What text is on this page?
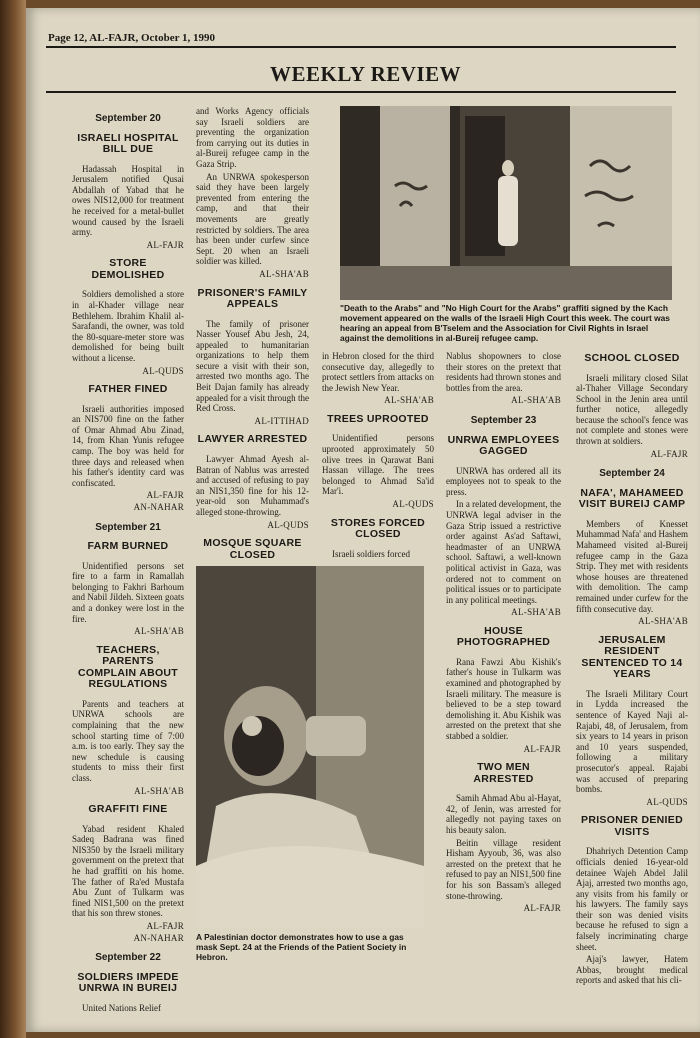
Page 12, AL-FAJR, October 1, 1990
WEEKLY REVIEW
September 20
ISRAELI HOSPITAL BILL DUE

Hadassah Hospital in Jerusalem notified Qusai Abdallah of Yabad that he owes NIS12,000 for treatment he received for a metal-bullet wound caused by the Israeli army.

AL-FAJR
STORE DEMOLISHED

Soldiers demolished a store in al-Khader village near Bethlehem. Ibrahim Khalil al-Sarafandi, the owner, was told the 80-square-meter store was demolished for being built without a license.

AL-QUDS
FATHER FINED

Israeli authorities imposed an NIS700 fine on the father of Omar Ahmad Abu Zinad, 14, from Khan Yunis refugee camp. The boy was held for three days and released when his father's identity card was confiscated.

AL-FAJR
AN-NAHAR
September 21
FARM BURNED

Unidentified persons set fire to a farm in Ramallah belonging to Fakhri Barhoum and Nabil Jildeh. Sixteen goats and a donkey were lost in the fire.

AL-SHA'AB
TEACHERS, PARENTS COMPLAIN ABOUT REGULATIONS

Parents and teachers at UNRWA schools are complaining that the new school starting time of 7:00 a.m. is too early. They say the new schedule is causing students to miss their first class.

AL-SHA'AB
GRAFFITI FINE

Yabad resident Khaled Sadeq Badrana was fined NIS350 by the Israeli military government on the pretext that he had graffiti on his home. The father of Ra'ed Mustafa Abu Zunt of Tulkarm was fined NIS1,500 on the pretext that his son threw stones.

AL-FAJR
AN-NAHAR
September 22
SOLDIERS IMPEDE UNRWA IN BUREIJ

United Nations Relief

and Works Agency officials say Israeli soldiers are preventing the organization from carrying out its duties in al-Bureij refugee camp in the Gaza Strip.

An UNRWA spokesperson said they have been largely prevented from entering the camp, and that their movements are greatly restricted by soldiers. The area has been under curfew since Sept. 20 when an Israeli soldier was killed.

AL-SHA'AB
PRISONER'S FAMILY APPEALS

The family of prisoner Nasser Yousef Abu Jesh, 24, appealed to humanitarian organizations to help them secure a visit with their son, arrested two months ago. The Beit Dajan family has already appealed for a visit through the Red Cross.

AL-ITTIHAD
LAWYER ARRESTED

Lawyer Ahmad Ayesh al-Batran of Nablus was arrested and accused of refusing to pay an NIS1,350 fine for his 12-year-old son Muhammad's alleged stone-throwing.

AL-QUDS
MOSQUE SQUARE CLOSED

"Death to the Arabs" and "No High Court for the Arabs" graffiti signed by the Kach movement appeared on the walls of the Israeli High Court this week. The court was hearing an appeal from B'Tselem and the Association for Civil Rights in Israel against the demolitions in al-Bureij refugee camp.

in Hebron closed for the third consecutive day, allegedly to protect settlers from attacks on the Jewish New Year.

AL-SHA'AB
TREES UPROOTED

Unidentified persons uprooted approximately 50 olive trees in Qarawat Bani Hassan village. The trees belonged to Ahmad Sa'id Mar'i.

AL-QUDS
STORES FORCED CLOSED

Israeli soldiers forced

A Palestinian doctor demonstrates how to use a gas mask Sept. 24 at the Friends of the Patient Society in Hebron.

Nablus shopowners to close their stores on the pretext that residents had thrown stones and bottles from the area.

AL-SHA'AB
September 23
UNRWA EMPLOYEES GAGGED

UNRWA has ordered all its employees not to speak to the press.

In a related development, the UNRWA legal adviser in the Gaza Strip issued a restrictive order against As'ad Saftawi, headmaster of an UNRWA school. Saftawi, a well-known political activist in Gaza, was ordered not to comment on political issues or to participate in any political meetings.

AL-SHA'AB
HOUSE PHOTOGRAPHED

Rana Fawzi Abu Kishik's father's house in Tulkarm was examined and photographed by Israeli military. The measure is believed to be a step toward demolishing it. Abu Kishik was arrested on the pretext that she stabbed a soldier.

AL-FAJR
TWO MEN ARRESTED

Samih Ahmad Abu al-Hayat, 42, of Jenin, was arrested for allegedly not paying taxes on his beauty salon.

Beitin village resident Hisham Ayyoub, 36, was also arrested on the pretext that he refused to pay an NIS1,500 fine for his son Bassam's alleged stone-throwing.

AL-FAJR
SCHOOL CLOSED

Israeli military closed Silat al-Thaher Village Secondary School in the Jenin area until further notice, allegedly because the school's fence was not complete and stones were thrown at soldiers.

AL-FAJR
September 24
NAFA', MAHAMEED VISIT BUREIJ CAMP

Members of Knesset Muhammad Nafa' and Hashem Mahameed visited al-Bureij refugee camp in the Gaza Strip. They met with residents whose houses are threatened with demolition. The camp remained under curfew for the fifth consecutive day.

AL-SHA'AB
JERUSALEM RESIDENT SENTENCED TO 14 YEARS

The Israeli Military Court in Lydda increased the sentence of Kayed Naji al-Rajabi, 48, of Jerusalem, from six years to 14 years in prison and 10 years suspended, following a military prosecutor's appeal. Rajabi was accused of preparing bombs.

AL-QUDS
PRISONER DENIED VISITS

Dhahriych Detention Camp officials denied 16-year-old detainee Wajeh Abdel Jalil Ajaj, arrested two months ago, any visits from his family or his lawyers. The family says their son was denied visits because he refused to sign a falsely incriminating charge sheet.

Ajaj's lawyer, Hatem Abbas, brought medical reports and asked that his cli-
